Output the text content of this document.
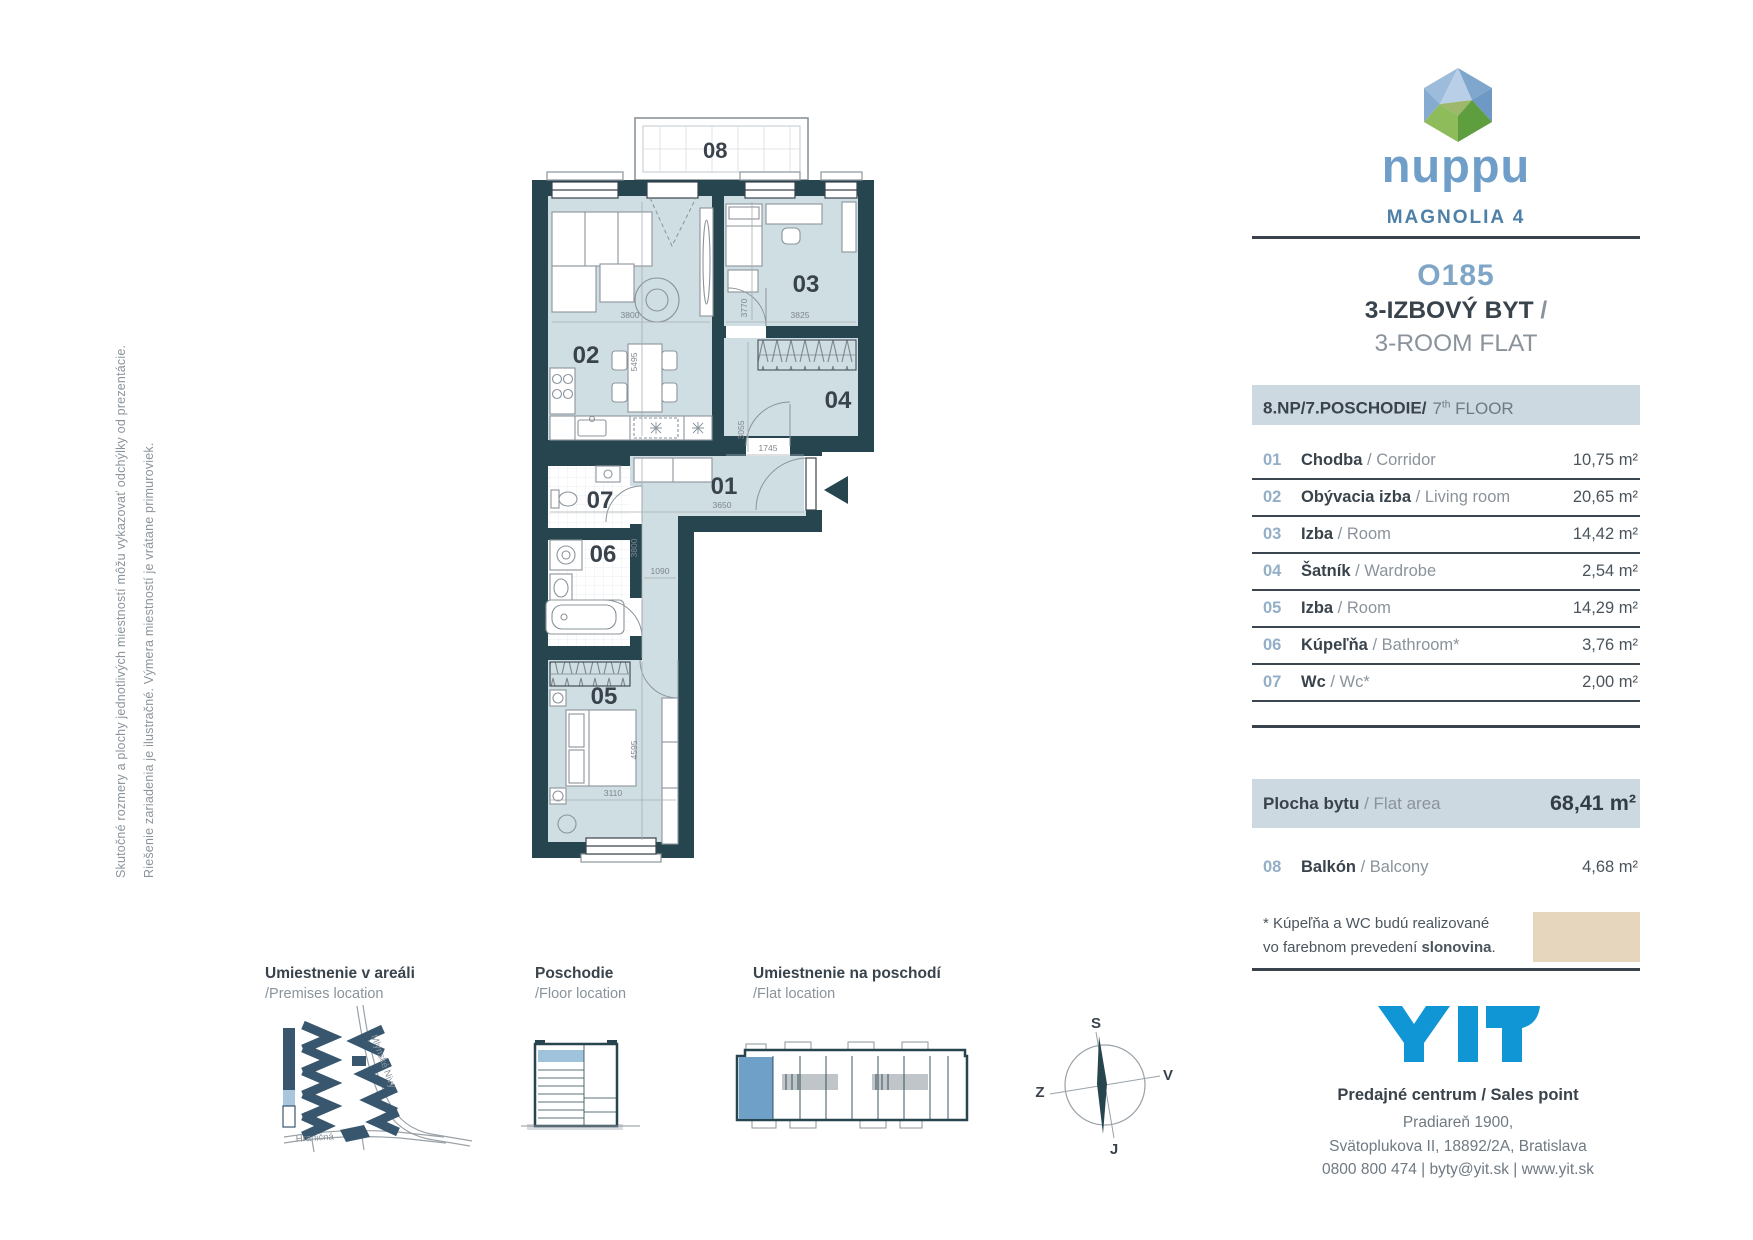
Skutočné rozmery a plochy jednotlivých miestností môžu vykazovať odchýlky od prezentácie. Riešenie zariadenia je ilustračné. Výmera miestností je vrátane primuroviek.
08
3800	3825
5495
3770
3055
1745
3650
3800
1090
4595
3110
02
03
04
01
07
06
05
nuppu
MAGNOLIA 4
O185
3-IZBOVÝ BYT /
3-ROOM FLAT
8.NP/7.POSCHODIE/ 7th FLOOR
01	Chodba / Corridor	10,75 m²
02	Obývacia izba / Living room	20,65 m²
03	Izba / Room	14,42 m²
04	Šatník / Wardrobe	2,54 m²
05	Izba / Room	14,29 m²
06	Kúpeľňa / Bathroom*	3,76 m²
07	Wc / Wc*	2,00 m²
Plocha bytu / Flat area	68,41 m²
08	Balkón / Balcony	4,68 m²
* Kúpeľňa a WC budú realizované
vo farebnom prevedení slonovina.
Predajné centrum / Sales point
Pradiareň 1900,
Svätoplukova II, 18892/2A, Bratislava
0800 800 474 | byty@yit.sk | www.yit.sk
Umiestnenie v areáli
/Premises location
Mlynské Nivy
Hraničná
Poschodie
/Floor location
Umiestnenie na poschodí
/Flat location
S
V
J
Z
